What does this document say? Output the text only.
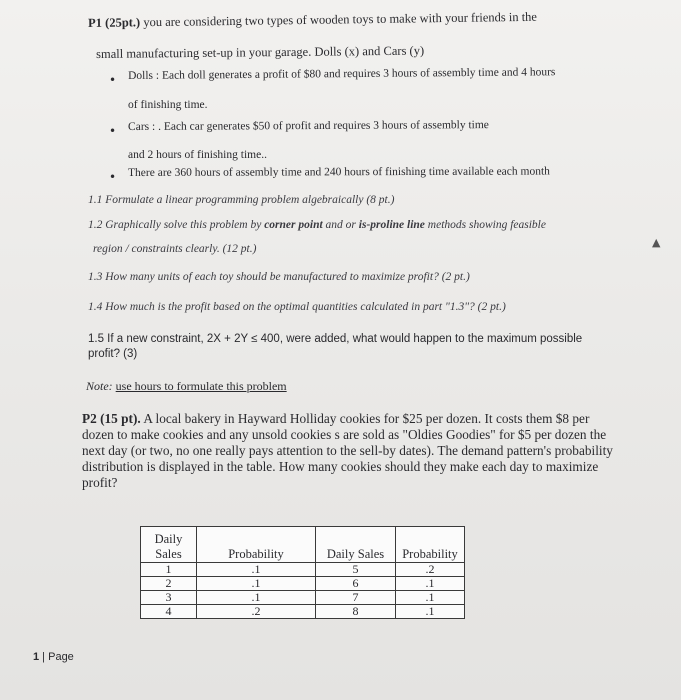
P1 (25pt.) you are considering two types of wooden toys to make with your friends in the
small manufacturing set-up in your garage. Dolls (x) and Cars (y)
• Dolls : Each doll generates a profit of $80 and requires 3 hours of assembly time and 4 hours
of finishing time.
• Cars : . Each car generates $50 of profit and requires 3 hours of assembly time
and 2 hours of finishing time..
• There are 360 hours of assembly time and 240 hours of finishing time available each month
1.1 Formulate a linear programming problem algebraically (8 pt.)
1.2 Graphically solve this problem by corner point and or is-proline line methods showing feasible
region / constraints clearly. (12 pt.)	▲
1.3 How many units of each toy should be manufactured to maximize profit? (2 pt.)
1.4 How much is the profit based on the optimal quantities calculated in part "1.3"? (2 pt.)
1.5 If a new constraint, 2X + 2Y ≤ 400, were added, what would happen to the maximum possible
profit? (3)
Note: use hours to formulate this problem
P2 (15 pt). A local bakery in Hayward Holliday cookies for $25 per dozen. It costs them $8 per dozen to make cookies and any unsold cookies s are sold as "Oldies Goodies" for $5 per dozen the next day (or two, no one really pays attention to the sell-by dates). The demand pattern's probability distribution is displayed in the table. How many cookies should they make each day to maximize profit?
Daily Sales	Probability	Daily Sales	Probability
1	.1	5	.2
2	.1	6	.1
3	.1	7	.1
4	.2	8	.1
1 | Page
